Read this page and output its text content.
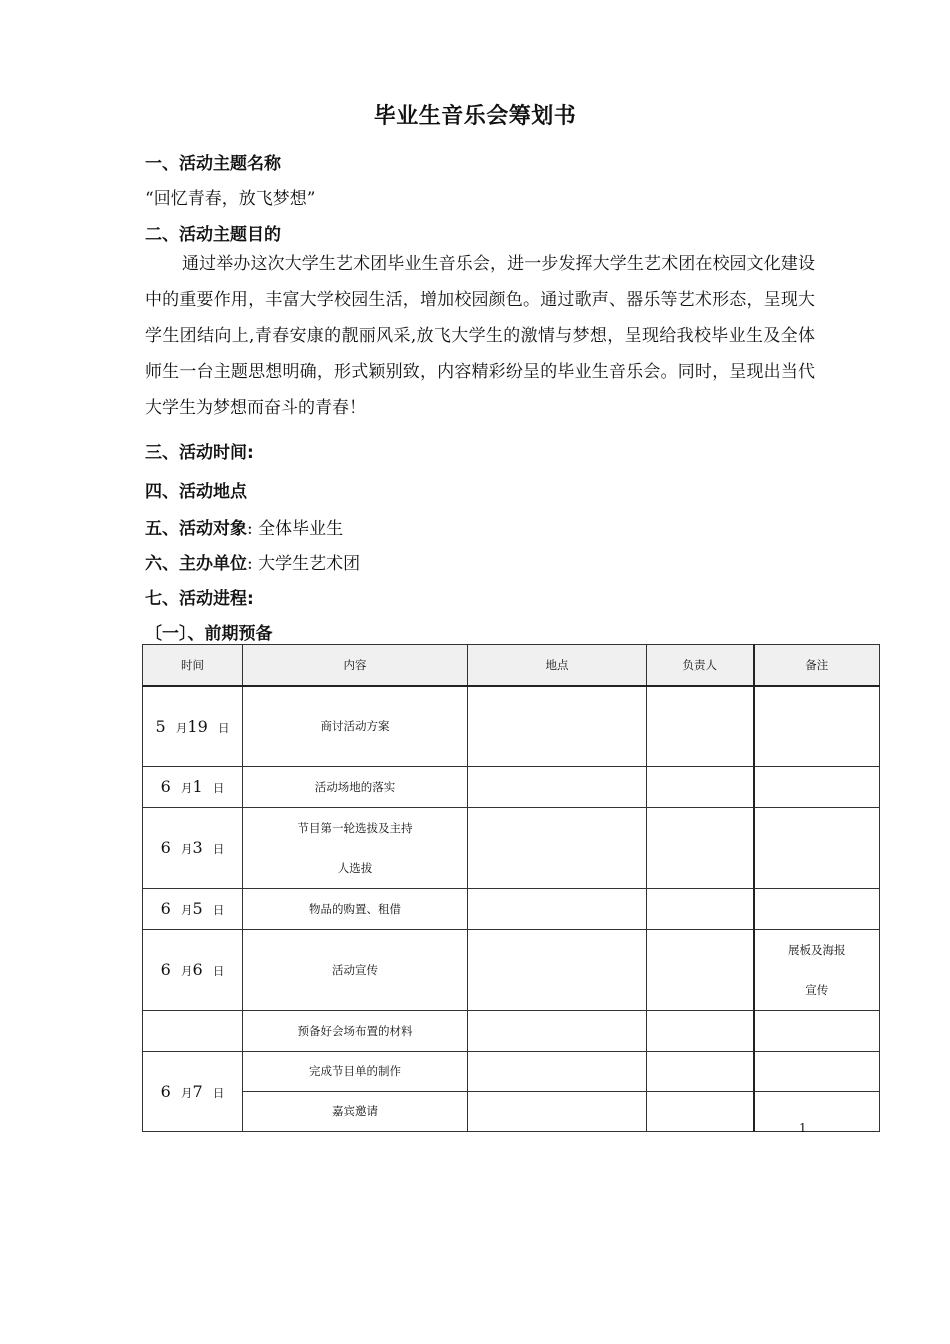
毕业生音乐会筹划书
一、活动主题名称
“回忆青春，放飞梦想”
二、活动主题目的

通过举办这次大学生艺术团毕业生音乐会，进一步发挥大学生艺术团在校园文化建设中的重要作用，丰富大学校园生活，增加校园颜色。通过歌声、器乐等艺术形态，呈现大学生团结向上,青春安康的靓丽风采,放飞大学生的激情与梦想，呈现给我校毕业生及全体师生一台主题思想明确，形式颖别致，内容精彩纷呈的毕业生音乐会。同时，呈现出当代大学生为梦想而奋斗的青春！

三、活动时间:
四、活动地点
五、活动对象: 全体毕业生
六、主办单位: 大学生艺术团
七、活动进程:
〔一〕、前期预备
时间	内容	地点	负责人	备注
5 月19 日	商讨活动方案			
6 月1 日	活动场地的落实			
6 月3 日	节目第一轮选拔及主持
人选拔			

6 月5 日	物品的购置、租借			
6 月6 日	活动宣传			展板及海报
宣传

	预备好会场布置的材料			
6 月7 日	完成节目单的制作			
	嘉宾邀请			
1
